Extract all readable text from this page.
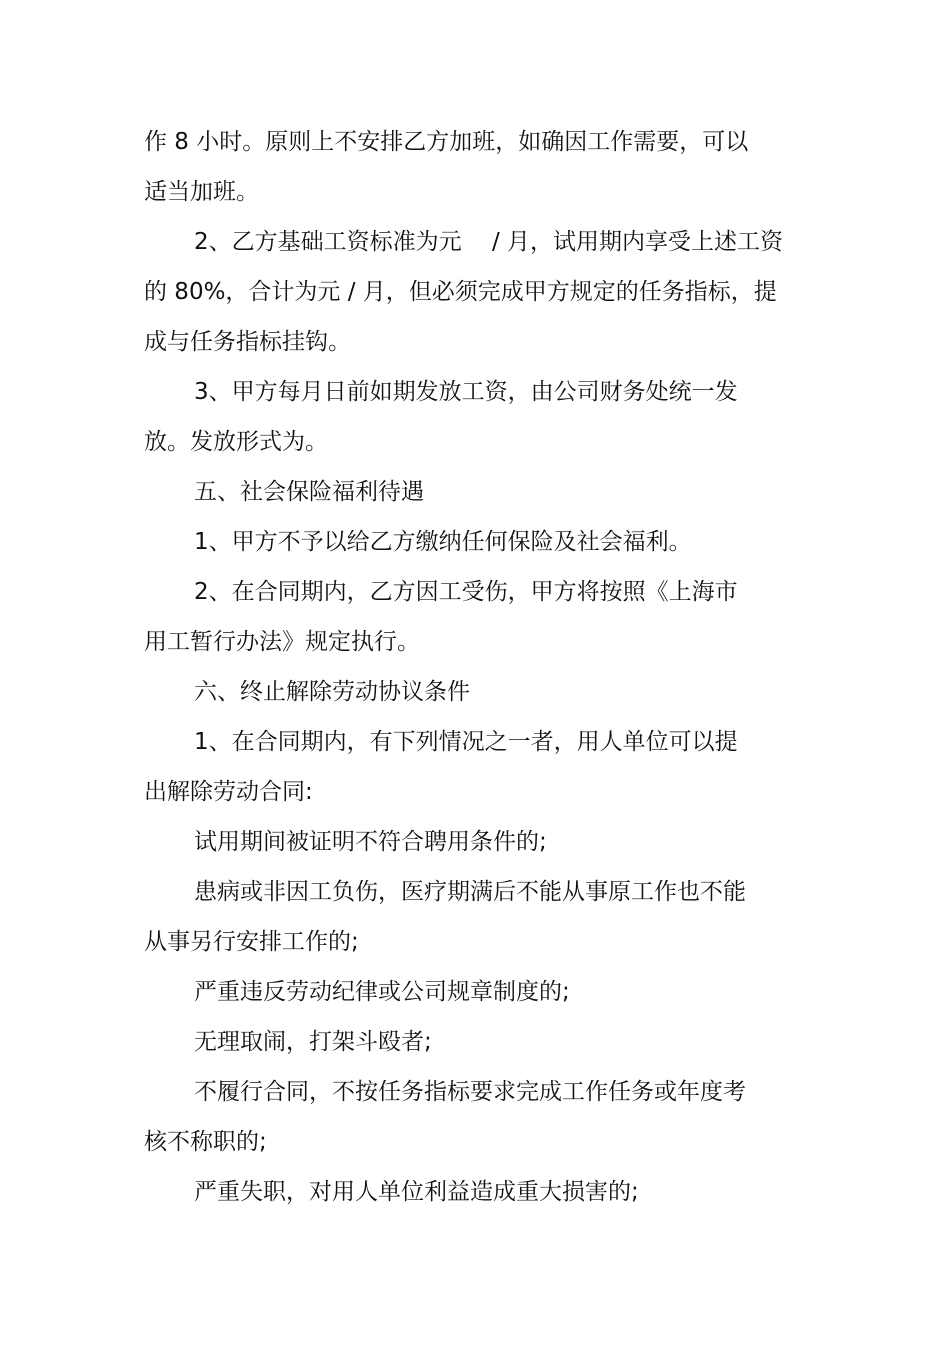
作 8 小时。原则上不安排乙方加班，如确因工作需要，可以

适当加班。

2、乙方基础工资标准为元　 / 月，试用期内享受上述工资

的 80%，合计为元 / 月，但必须完成甲方规定的任务指标，提

成与任务指标挂钩。

3、甲方每月日前如期发放工资，由公司财务处统一发

放。发放形式为。

五、社会保险福利待遇

1、甲方不予以给乙方缴纳任何保险及社会福利。

2、在合同期内，乙方因工受伤，甲方将按照《上海市

用工暂行办法》规定执行。

六、终止解除劳动协议条件

1、在合同期内，有下列情况之一者，用人单位可以提

出解除劳动合同:

试用期间被证明不符合聘用条件的;

患病或非因工负伤，医疗期满后不能从事原工作也不能

从事另行安排工作的;

严重违反劳动纪律或公司规章制度的;

无理取闹，打架斗殴者;

不履行合同，不按任务指标要求完成工作任务或年度考

核不称职的;

严重失职，对用人单位利益造成重大损害的;
